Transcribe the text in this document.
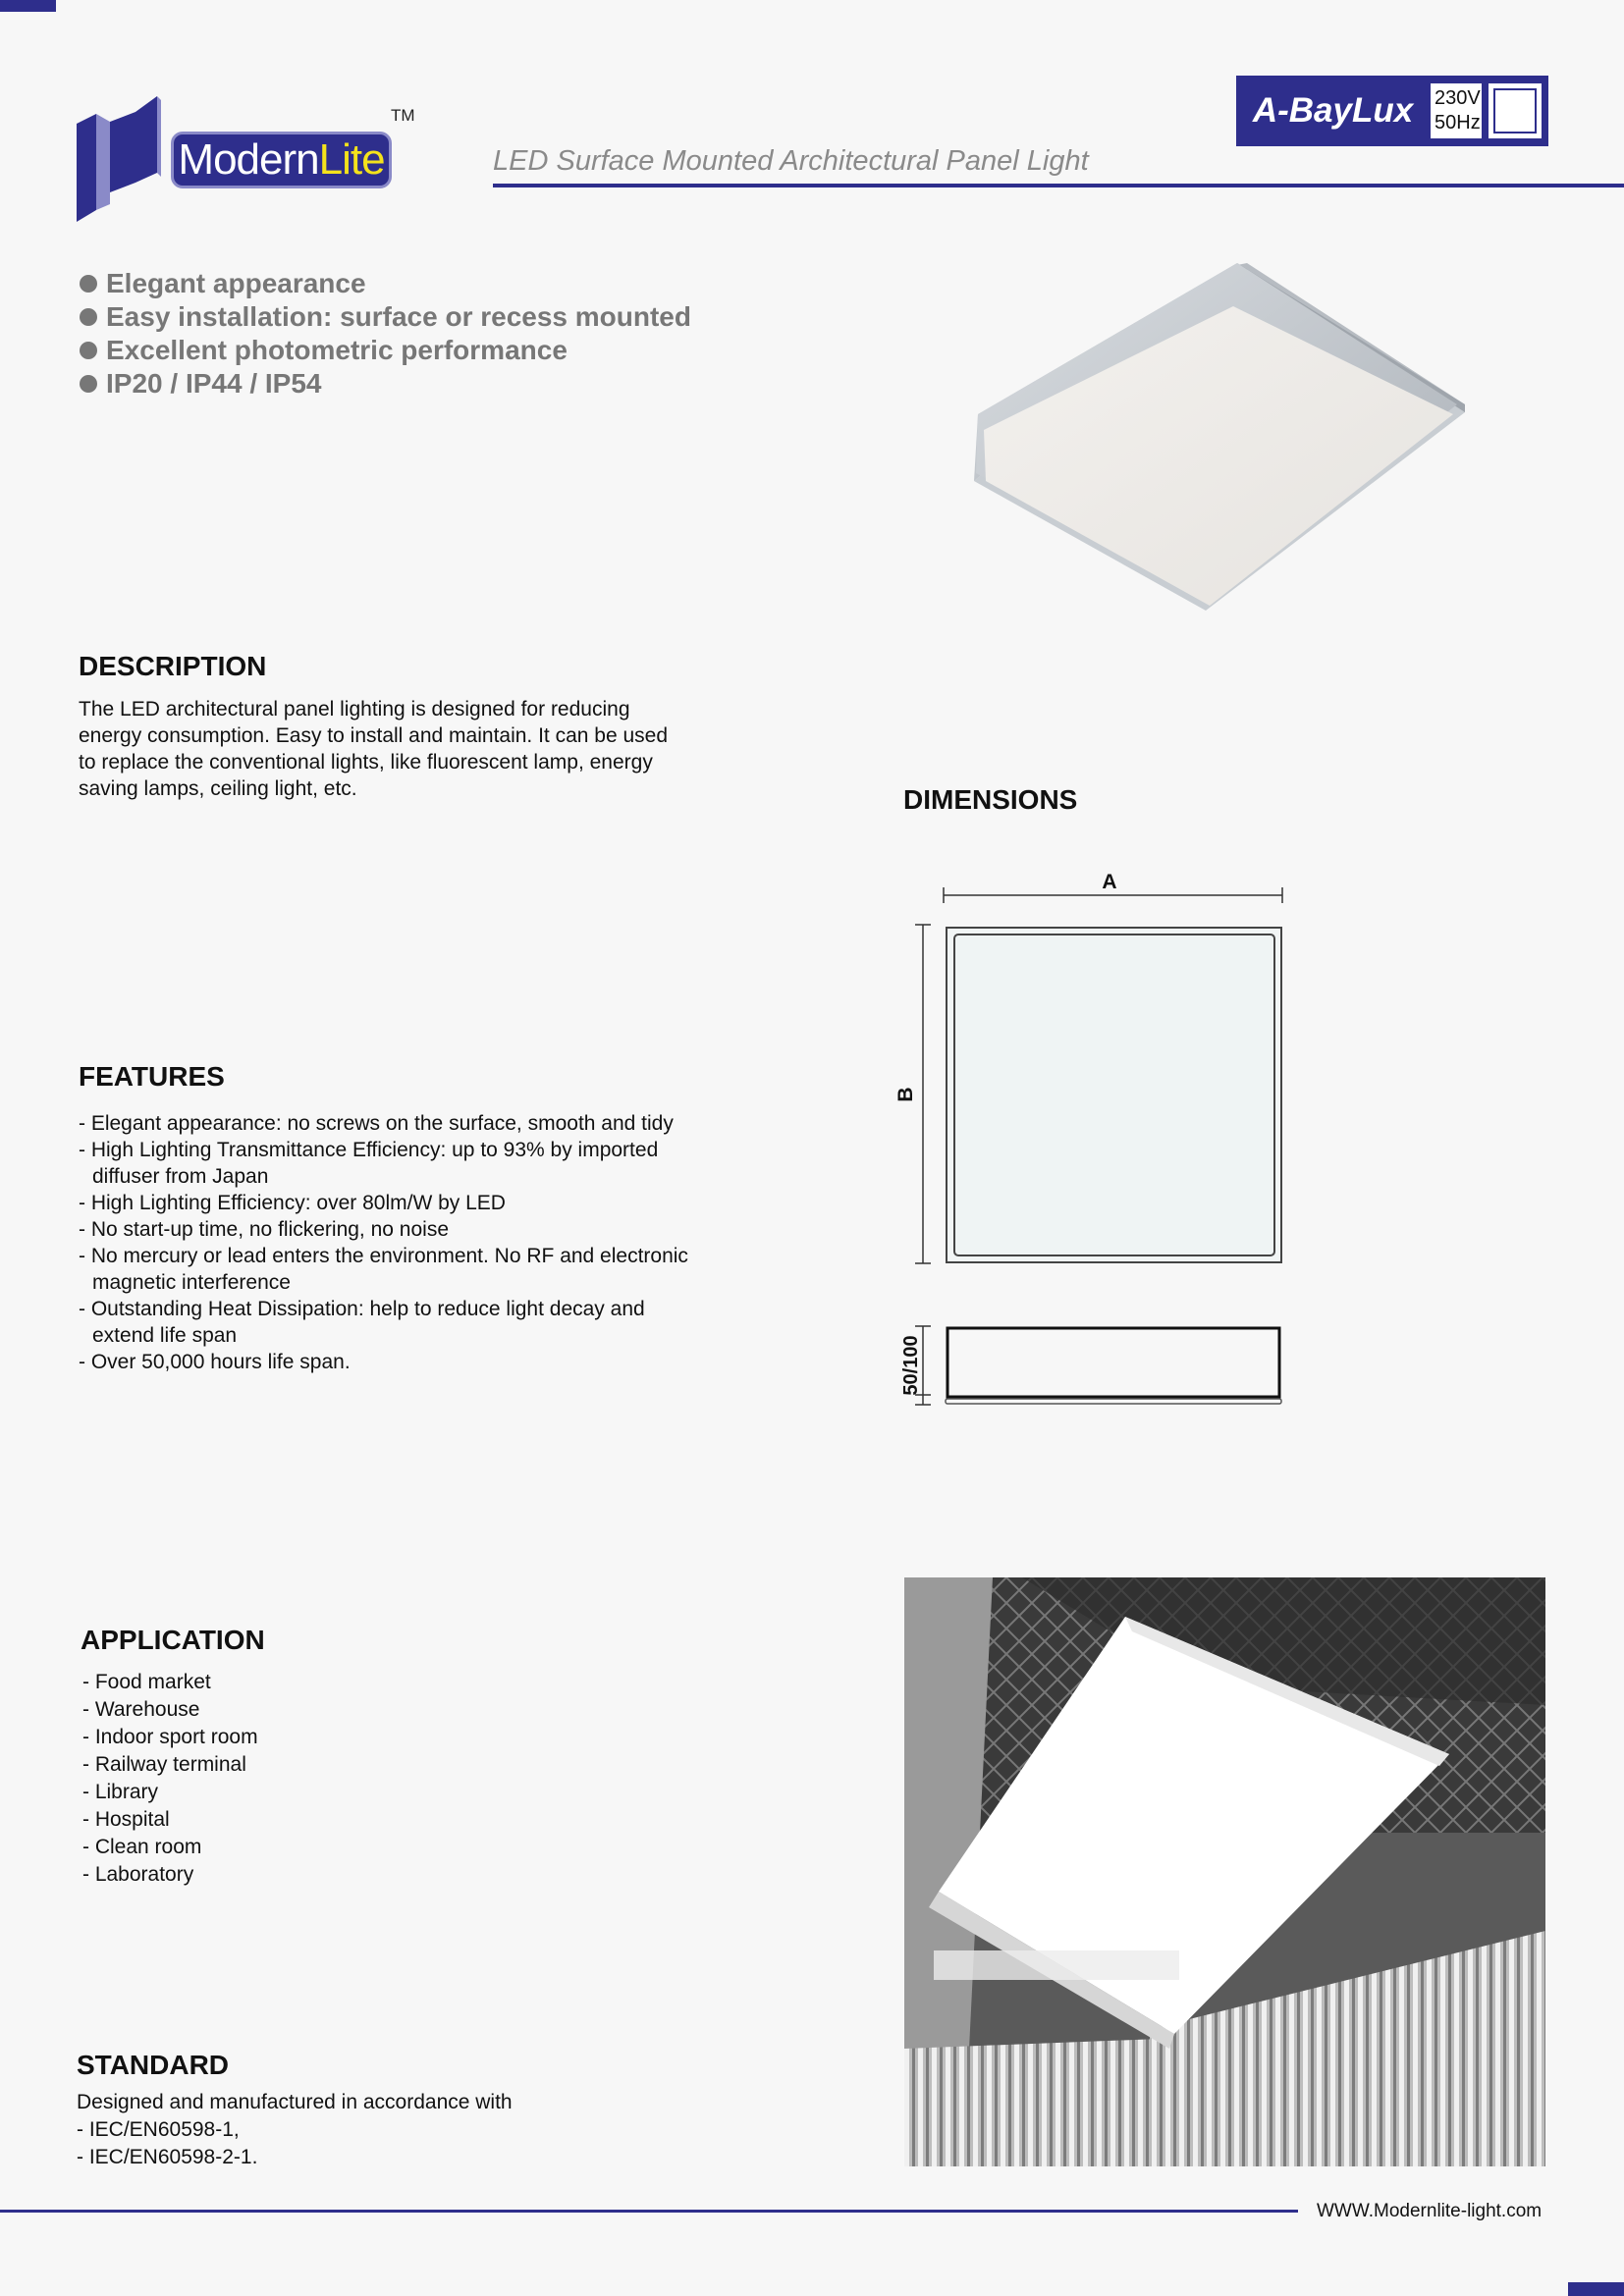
Modern Lite
TM	A-BayLux	230V
50Hz
LED Surface Mounted Architectural Panel Light
Elegant appearance
Easy installation: surface or recess mounted
Excellent photometric performance
IP20 / IP44 / IP54
DESCRIPTION
The LED architectural panel lighting is designed for reducing energy consumption. Easy to install and maintain. It can be used to replace the conventional lights, like fluorescent lamp, energy saving lamps, ceiling light, etc.	DIMENSIONS
A
B
50/100
FEATURES
- Elegant appearance: no screws on the surface, smooth and tidy
- High Lighting Transmittance Efficiency: up to 93% by imported diffuser from Japan
- High Lighting Efficiency: over 80lm/W by LED
- No start-up time, no flickering, no noise
- No mercury or lead enters the environment. No RF and electronic magnetic interference
- Outstanding Heat Dissipation: help to reduce light decay and extend life span
- Over 50,000 hours life span.
APPLICATION
- Food market
- Warehouse
- Indoor sport room
- Railway terminal
- Library
- Hospital
- Clean room
- Laboratory
STANDARD
Designed and manufactured in accordance with
- IEC/EN60598-1,
- IEC/EN60598-2-1.
WWW.Modernlite-light.com
